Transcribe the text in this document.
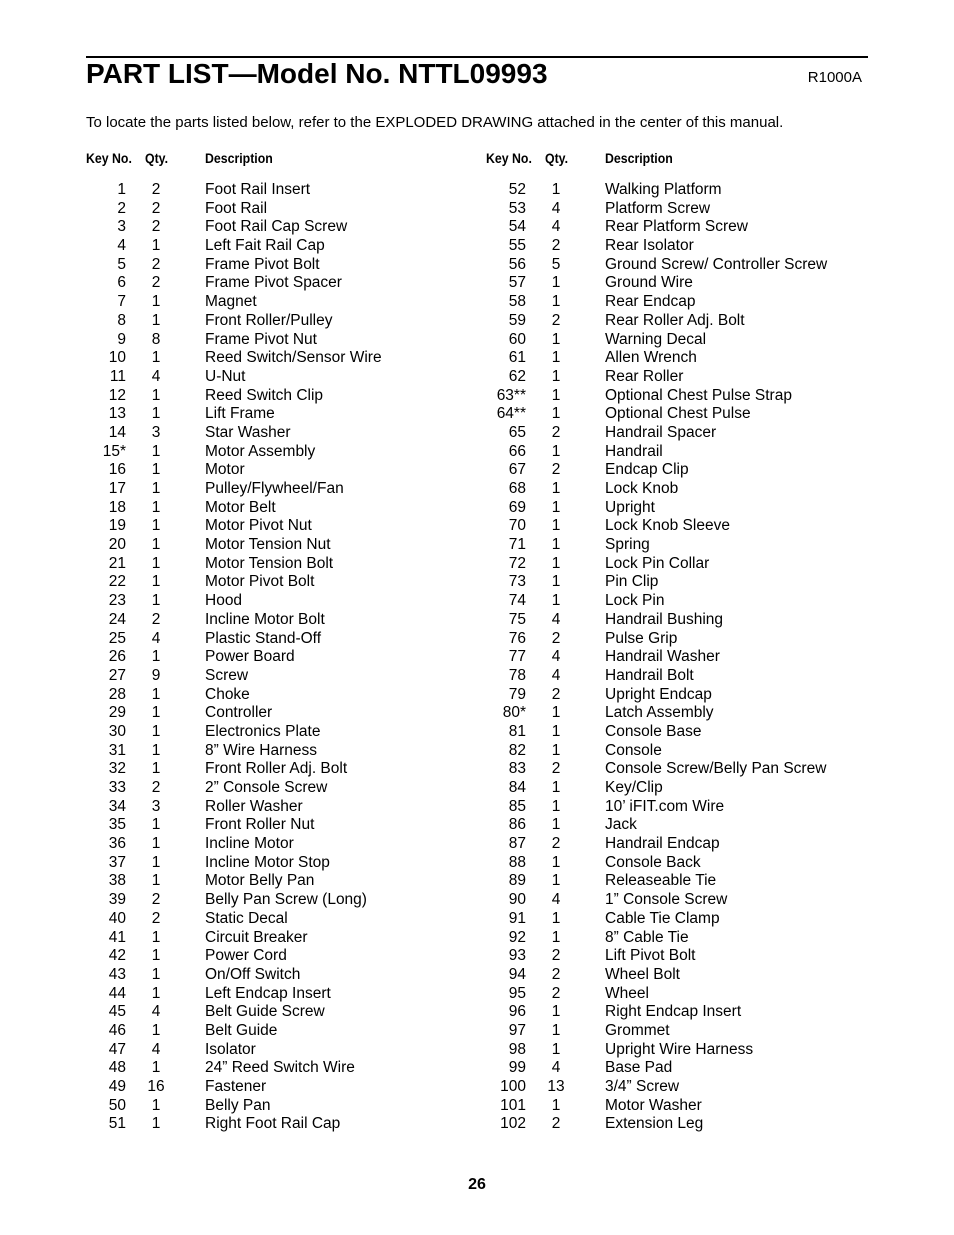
PART LIST—Model No. NTTL09993	R1000A
To locate the parts listed below, refer to the EXPLODED DRAWING attached in the center of this manual.
Key No. Qty.	Description
1	2	Foot Rail Insert
2	2	Foot Rail
3	2	Foot Rail Cap Screw
4	1	Left Fait Rail Cap
5	2	Frame Pivot Bolt
6	2	Frame Pivot Spacer
7	1	Magnet
8	1	Front Roller/Pulley
9	8	Frame Pivot Nut
10	1	Reed Switch/Sensor Wire
11	4	U-Nut
12	1	Reed Switch Clip
13	1	Lift Frame
14	3	Star Washer
15*	1	Motor Assembly
16	1	Motor
17	1	Pulley/Flywheel/Fan
18	1	Motor Belt
19	1	Motor Pivot Nut
20	1	Motor Tension Nut
21	1	Motor Tension Bolt
22	1	Motor Pivot Bolt
23	1	Hood
24	2	Incline Motor Bolt
25	4	Plastic Stand-Off
26	1	Power Board
27	9	Screw
28	1	Choke
29	1	Controller
30	1	Electronics Plate
31	1	8” Wire Harness
32	1	Front Roller Adj. Bolt
33	2	2” Console Screw
34	3	Roller Washer
35	1	Front Roller Nut
36	1	Incline Motor
37	1	Incline Motor Stop
38	1	Motor Belly Pan
39	2	Belly Pan Screw (Long)
40	2	Static Decal
41	1	Circuit Breaker
42	1	Power Cord
43	1	On/Off Switch
44	1	Left Endcap Insert
45	4	Belt Guide Screw
46	1	Belt Guide
47	4	Isolator
48	1	24” Reed Switch Wire
49 16	Fastener
50	1	Belly Pan
51	1	Right Foot Rail Cap
Key No. Qty.	Description
52	1	Walking Platform
53	4	Platform Screw
54	4	Rear Platform Screw
55	2	Rear Isolator
56	5	Ground Screw/ Controller Screw
57	1	Ground Wire
58	1	Rear Endcap
59	2	Rear Roller Adj. Bolt
60	1	Warning Decal
61	1	Allen Wrench
62	1	Rear Roller
63**	1	Optional Chest Pulse Strap
64**	1	Optional Chest Pulse
65	2	Handrail Spacer
66	1	Handrail
67	2	Endcap Clip
68	1	Lock Knob
69	1	Upright
70	1	Lock Knob Sleeve
71	1	Spring
72	1	Lock Pin Collar
73	1	Pin Clip
74	1	Lock Pin
75	4	Handrail Bushing
76	2	Pulse Grip
77	4	Handrail Washer
78	4	Handrail Bolt
79	2	Upright Endcap
80*	1	Latch Assembly
81	1	Console Base
82	1	Console
83	2	Console Screw/Belly Pan Screw
84	1	Key/Clip
85	1	10’ iFIT.com Wire
86	1	Jack
87	2	Handrail Endcap
88	1	Console Back
89	1	Releaseable Tie
90	4	1” Console Screw
91	1	Cable Tie Clamp
92	1	8” Cable Tie
93	2	Lift Pivot Bolt
94	2	Wheel Bolt
95	2	Wheel
96	1	Right Endcap Insert
97	1	Grommet
98	1	Upright Wire Harness
99	4	Base Pad
100 13	3/4” Screw
101	1	Motor Washer
102	2	Extension Leg
26
